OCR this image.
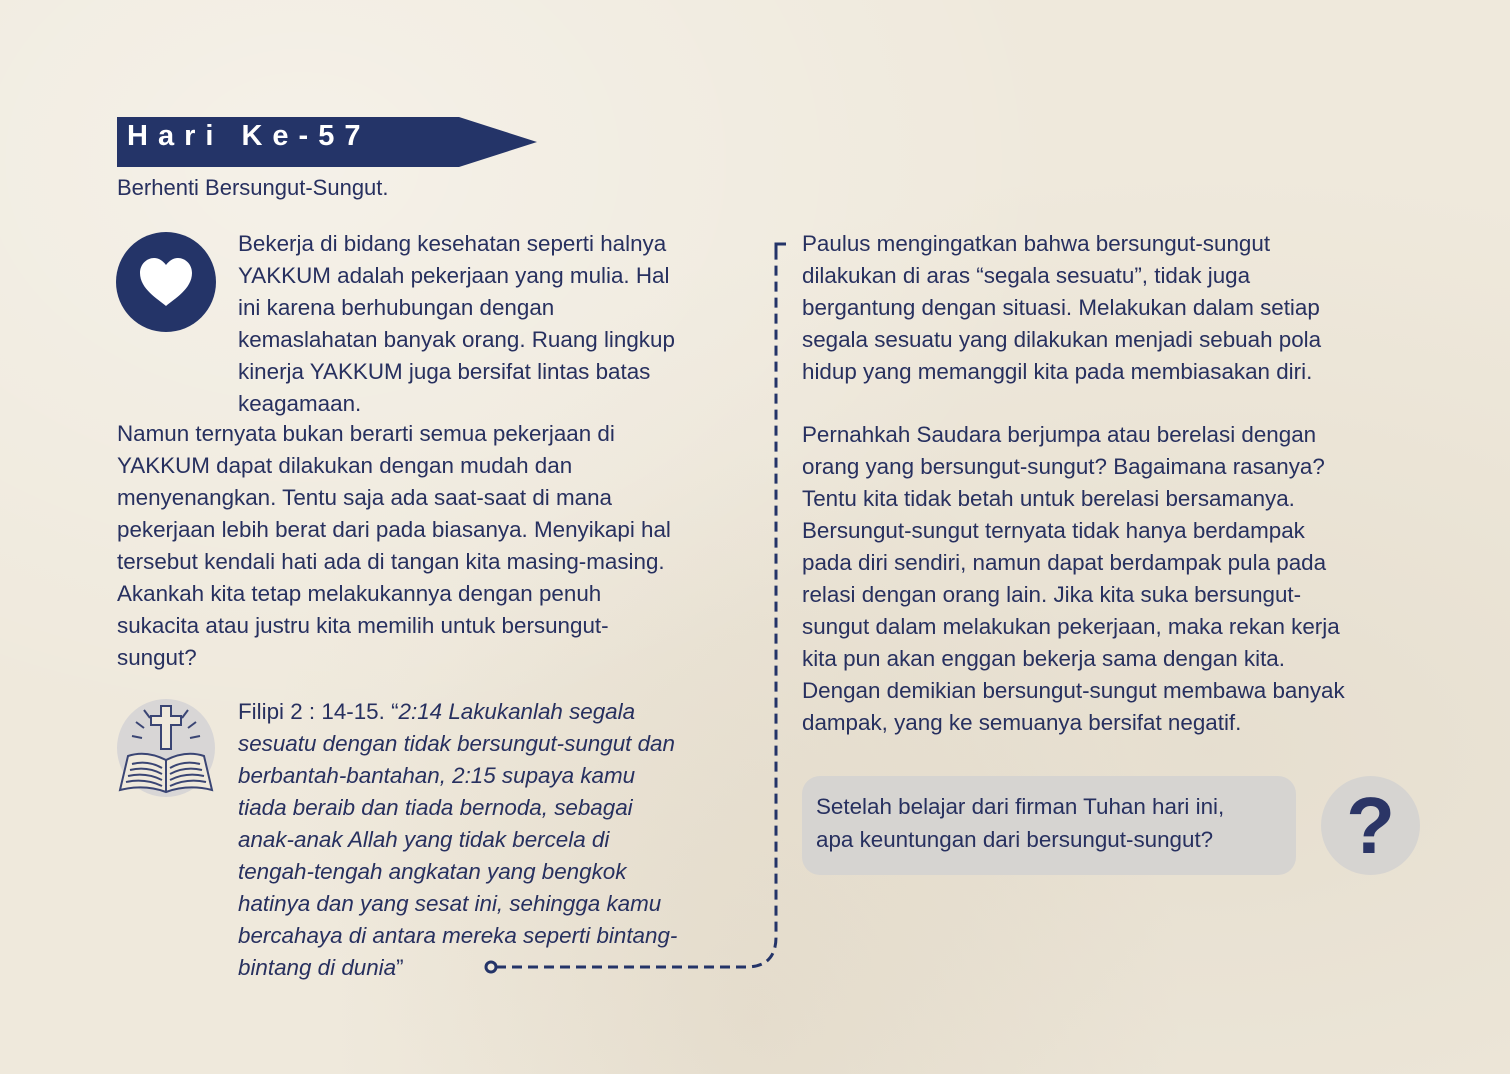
Hari Ke-57
Berhenti Bersungut-Sungut.
Bekerja di bidang kesehatan seperti halnya
YAKKUM adalah pekerjaan yang mulia. Hal
ini karena berhubungan dengan
kemaslahatan banyak orang. Ruang lingkup
kinerja YAKKUM juga bersifat lintas batas
keagamaan.
Namun ternyata bukan berarti semua pekerjaan di
YAKKUM dapat dilakukan dengan mudah dan
menyenangkan. Tentu saja ada saat-saat di mana
pekerjaan lebih berat dari pada biasanya. Menyikapi hal
tersebut kendali hati ada di tangan kita masing-masing.
Akankah kita tetap melakukannya dengan penuh
sukacita atau justru kita memilih untuk bersungut-
sungut?
Filipi 2 : 14-15. “2:14 Lakukanlah segala
sesuatu dengan tidak bersungut-sungut dan
berbantah-bantahan, 2:15 supaya kamu
tiada beraib dan tiada bernoda, sebagai
anak-anak Allah yang tidak bercela di
tengah-tengah angkatan yang bengkok
hatinya dan yang sesat ini, sehingga kamu
bercahaya di antara mereka seperti bintang-
bintang di dunia”
Paulus mengingatkan bahwa bersungut-sungut
dilakukan di aras “segala sesuatu”, tidak juga
bergantung dengan situasi. Melakukan dalam setiap
segala sesuatu yang dilakukan menjadi sebuah pola
hidup yang memanggil kita pada membiasakan diri.
Pernahkah Saudara berjumpa atau berelasi dengan
orang yang bersungut-sungut? Bagaimana rasanya?
Tentu kita tidak betah untuk berelasi bersamanya.
Bersungut-sungut ternyata tidak hanya berdampak
pada diri sendiri, namun dapat berdampak pula pada
relasi dengan orang lain. Jika kita suka bersungut-
sungut dalam melakukan pekerjaan, maka rekan kerja
kita pun akan enggan bekerja sama dengan kita.
Dengan demikian bersungut-sungut membawa banyak
dampak, yang ke semuanya bersifat negatif.
Setelah belajar dari firman Tuhan hari ini,
apa keuntungan dari bersungut-sungut?	?
